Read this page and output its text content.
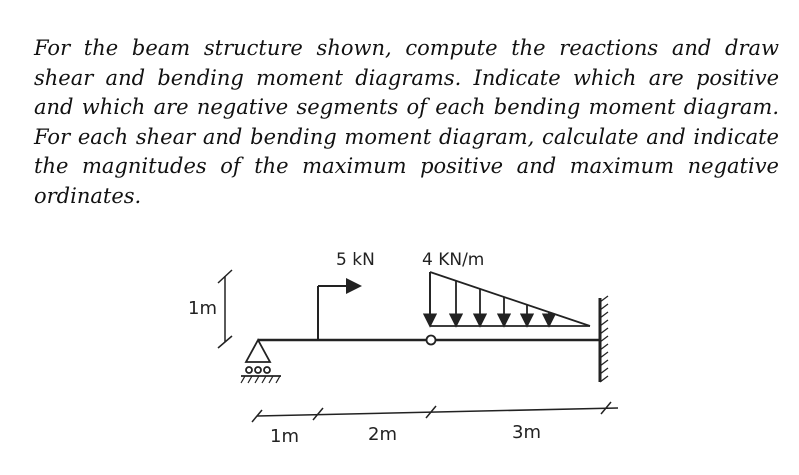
For the beam structure shown, compute the reactions and draw shear and bending moment diagrams. Indicate which are positive and which are negative segments of each bending moment diagram. For each shear and bending moment diagram, calculate and indicate the magnitudes of the maximum positive and maximum negative ordinates.

5 kN	4 KN/m
1m
1m	2m	3m
